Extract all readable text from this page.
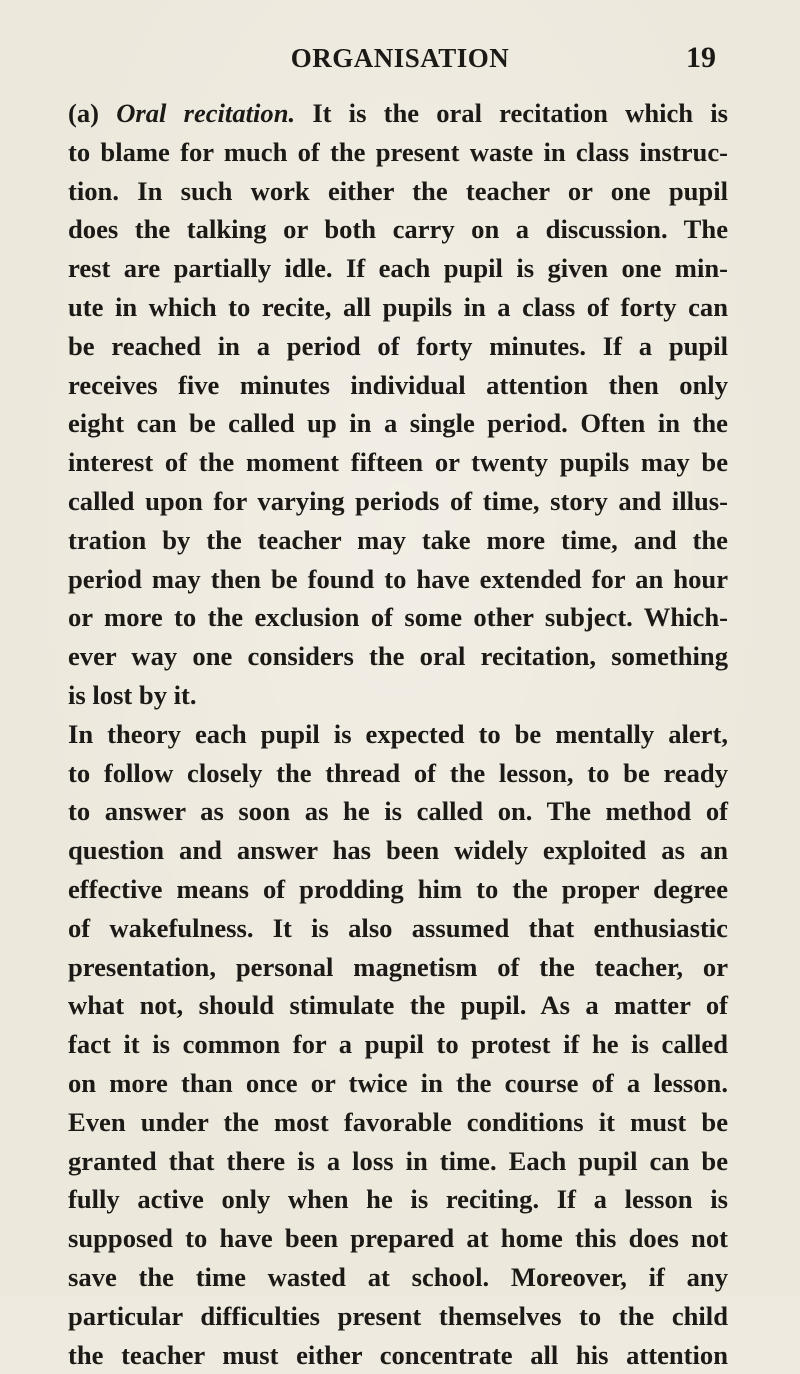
ORGANISATION	19
(a) Oral recitation. It is the oral recitation which is
to blame for much of the present waste in class instruc-
tion. In such work either the teacher or one pupil
does the talking or both carry on a discussion. The
rest are partially idle. If each pupil is given one min-
ute in which to recite, all pupils in a class of forty can
be reached in a period of forty minutes. If a pupil
receives five minutes individual attention then only
eight can be called up in a single period. Often in the
interest of the moment fifteen or twenty pupils may be
called upon for varying periods of time, story and illus-
tration by the teacher may take more time, and the
period may then be found to have extended for an hour
or more to the exclusion of some other subject. Which-
ever way one considers the oral recitation, something
is lost by it.
In theory each pupil is expected to be mentally alert,
to follow closely the thread of the lesson, to be ready
to answer as soon as he is called on. The method of
question and answer has been widely exploited as an
effective means of prodding him to the proper degree
of wakefulness. It is also assumed that enthusiastic
presentation, personal magnetism of the teacher, or
what not, should stimulate the pupil. As a matter of
fact it is common for a pupil to protest if he is called
on more than once or twice in the course of a lesson.
Even under the most favorable conditions it must be
granted that there is a loss in time. Each pupil can be
fully active only when he is reciting. If a lesson is
supposed to have been prepared at home this does not
save the time wasted at school. Moreover, if any
particular difficulties present themselves to the child
the teacher must either concentrate all his attention
